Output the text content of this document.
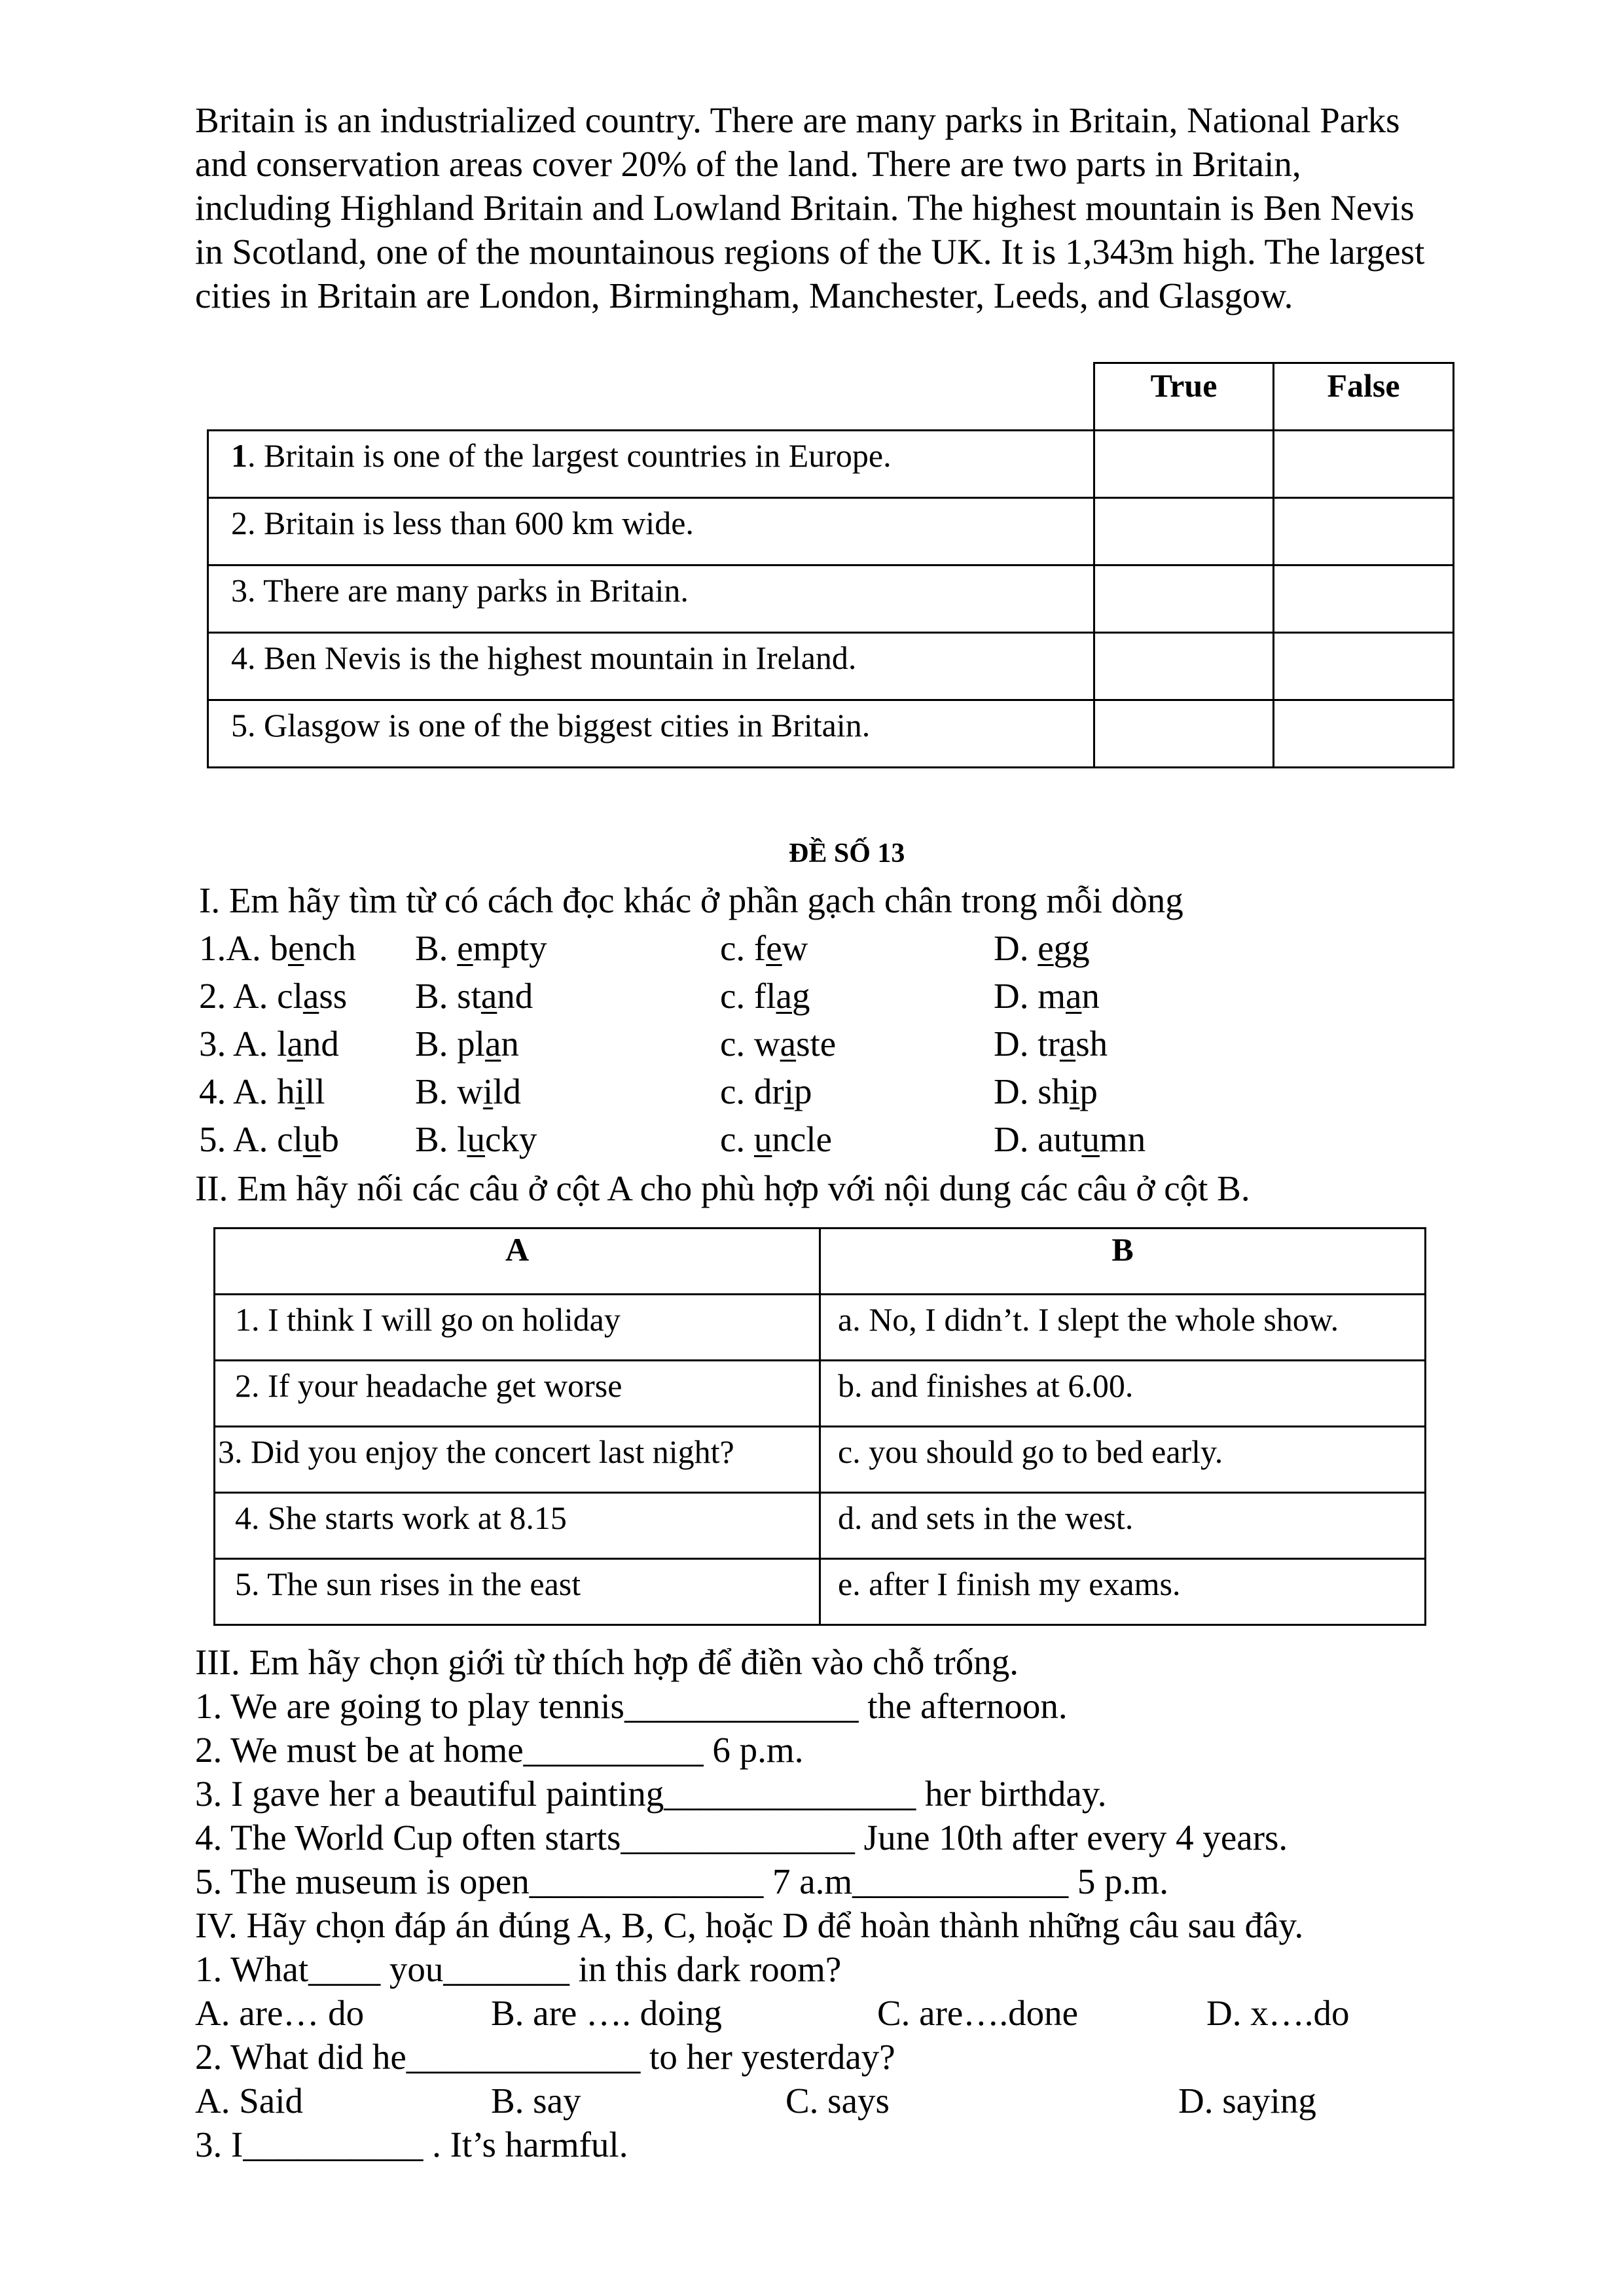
Britain is an industrialized country. There are many parks in Britain, National Parks
and conservation areas cover 20% of the land. There are two parts in Britain,
including Highland Britain and Lowland Britain. The highest mountain is Ben Nevis
in Scotland, one of the mountainous regions of the UK. It is 1,343m high. The largest
cities in Britain are London, Birmingham, Manchester, Leeds, and Glasgow.
	True	False
1. Britain is one of the largest countries in Europe.		
2. Britain is less than 600 km wide.		
3. There are many parks in Britain.		
4. Ben Nevis is the highest mountain in Ireland.		
5. Glasgow is one of the biggest cities in Britain.		
ĐỀ SỐ 13
I. Em hãy tìm từ có cách đọc khác ở phần gạch chân trong mỗi dòng
1.A. bench B. empty	c. few	D. egg
2. A. class B. stand	c. flag	D. man
3. A. land B. plan	c. waste	D. trash
4. A. hill B. wild	c. drip	D. ship
5. A. club B. lucky	c. uncle	D. autumn
II. Em hãy nối các câu ở cột A cho phù hợp với nội dung các câu ở cột B.
A	B
1. I think I will go on holiday	a. No, I didn’t. I slept the whole show.
2. If your headache get worse	b. and finishes at 6.00.
3. Did you enjoy the concert last night?	c. you should go to bed early.
4. She starts work at 8.15	d. and sets in the west.
5. The sun rises in the east	e. after I finish my exams.
III. Em hãy chọn giới từ thích hợp để điền vào chỗ trống.
1. We are going to play tennis_____________ the afternoon.
2. We must be at home__________ 6 p.m.
3. I gave her a beautiful painting______________ her birthday.
4. The World Cup often starts_____________ June 10th after every 4 years.
5. The museum is open_____________ 7 a.m____________ 5 p.m.
IV. Hãy chọn đáp án đúng A, B, C, hoặc D để hoàn thành những câu sau đây.
1. What____ you_______ in this dark room?
A. are… do	B. are …. doing	C. are….done	D. x….do
2. What did he_____________ to her yesterday?
A. Said	B. say	C. says	D. saying
3. I__________ . It’s harmful.
